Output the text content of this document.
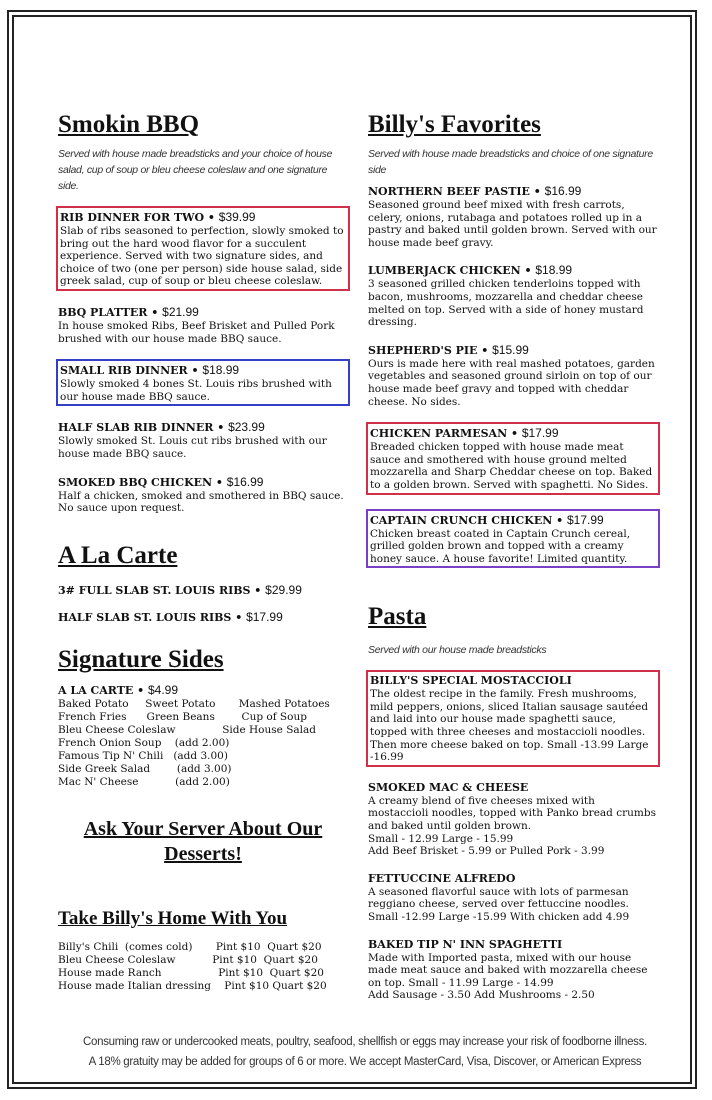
Smokin BBQ
Served with house made breadsticks and your choice of house salad, cup of soup or bleu cheese coleslaw and one signature side.
RIB DINNER FOR TWO • $39.99
Slab of ribs seasoned to perfection, slowly smoked to bring out the hard wood flavor for a succulent experience. Served with two signature sides, and choice of two (one per person) side house salad, side greek salad, cup of soup or bleu cheese coleslaw.
BBQ PLATTER • $21.99
In house smoked Ribs, Beef Brisket and Pulled Pork brushed with our house made BBQ sauce.
SMALL RIB DINNER • $18.99
Slowly smoked 4 bones St. Louis ribs brushed with our house made BBQ sauce.
HALF SLAB RIB DINNER • $23.99
Slowly smoked St. Louis cut ribs brushed with our house made BBQ sauce.
SMOKED BBQ CHICKEN • $16.99
Half a chicken, smoked and smothered in BBQ sauce. No sauce upon request.
A La Carte
3# FULL SLAB ST. LOUIS RIBS • $29.99
HALF SLAB ST. LOUIS RIBS • $17.99
Signature Sides
A LA CARTE • $4.99
Baked Potato     Sweet Potato       Mashed Potatoes
French Fries      Green Beans        Cup of Soup
Bleu Cheese Coleslaw              Side House Salad
French Onion Soup    (add 2.00)
Famous Tip N' Chili   (add 3.00)
Side Greek Salad        (add 3.00)
Mac N' Cheese           (add 2.00)
Ask Your Server About Our Desserts!
Take Billy's Home With You
Billy's Chili  (comes cold)       Pint $10  Quart $20
Bleu Cheese Coleslaw           Pint $10  Quart $20
House made Ranch                 Pint $10  Quart $20
House made Italian dressing    Pint $10 Quart $20
Billy's Favorites
Served with house made breadsticks and choice of one signature side
NORTHERN BEEF PASTIE • $16.99
Seasoned ground beef mixed with fresh carrots, celery, onions, rutabaga and potatoes rolled up in a pastry and baked until golden brown. Served with our house made beef gravy.
LUMBERJACK CHICKEN • $18.99
3 seasoned grilled chicken tenderloins topped with bacon, mushrooms, mozzarella and cheddar cheese melted on top. Served with a side of honey mustard dressing.
SHEPHERD'S PIE • $15.99
Ours is made here with real mashed potatoes, garden vegetables and seasoned ground sirloin on top of our house made beef gravy and topped with cheddar cheese. No sides.
CHICKEN PARMESAN • $17.99
Breaded chicken topped with house made meat sauce and smothered with house ground melted mozzarella and Sharp Cheddar cheese on top. Baked to a golden brown. Served with spaghetti. No Sides.
CAPTAIN CRUNCH CHICKEN • $17.99
Chicken breast coated in Captain Crunch cereal, grilled golden brown and topped with a creamy honey sauce. A house favorite! Limited quantity.
Pasta
Served with our house made breadsticks
BILLY'S SPECIAL MOSTACCIOLI
The oldest recipe in the family. Fresh mushrooms, mild peppers, onions, sliced Italian sausage sautéed and laid into our house made spaghetti sauce, topped with three cheeses and mostaccioli noodles. Then more cheese baked on top. Small -13.99 Large -16.99
SMOKED MAC & CHEESE
A creamy blend of five cheeses mixed with mostaccioli noodles, topped with Panko bread crumbs and baked until golden brown.
Small - 12.99 Large - 15.99
Add Beef Brisket - 5.99 or Pulled Pork - 3.99
FETTUCCINE ALFREDO
A seasoned flavorful sauce with lots of parmesan reggiano cheese, served over fettuccine noodles. Small -12.99 Large -15.99 With chicken add 4.99
BAKED TIP N' INN SPAGHETTI
Made with Imported pasta, mixed with our house made meat sauce and baked with mozzarella cheese on top. Small - 11.99 Large - 14.99
Add Sausage - 3.50 Add Mushrooms - 2.50
Consuming raw or undercooked meats, poultry, seafood, shellfish or eggs may increase your risk of foodborne illness.
A 18% gratuity may be added for groups of 6 or more. We accept MasterCard, Visa, Discover, or American Express
